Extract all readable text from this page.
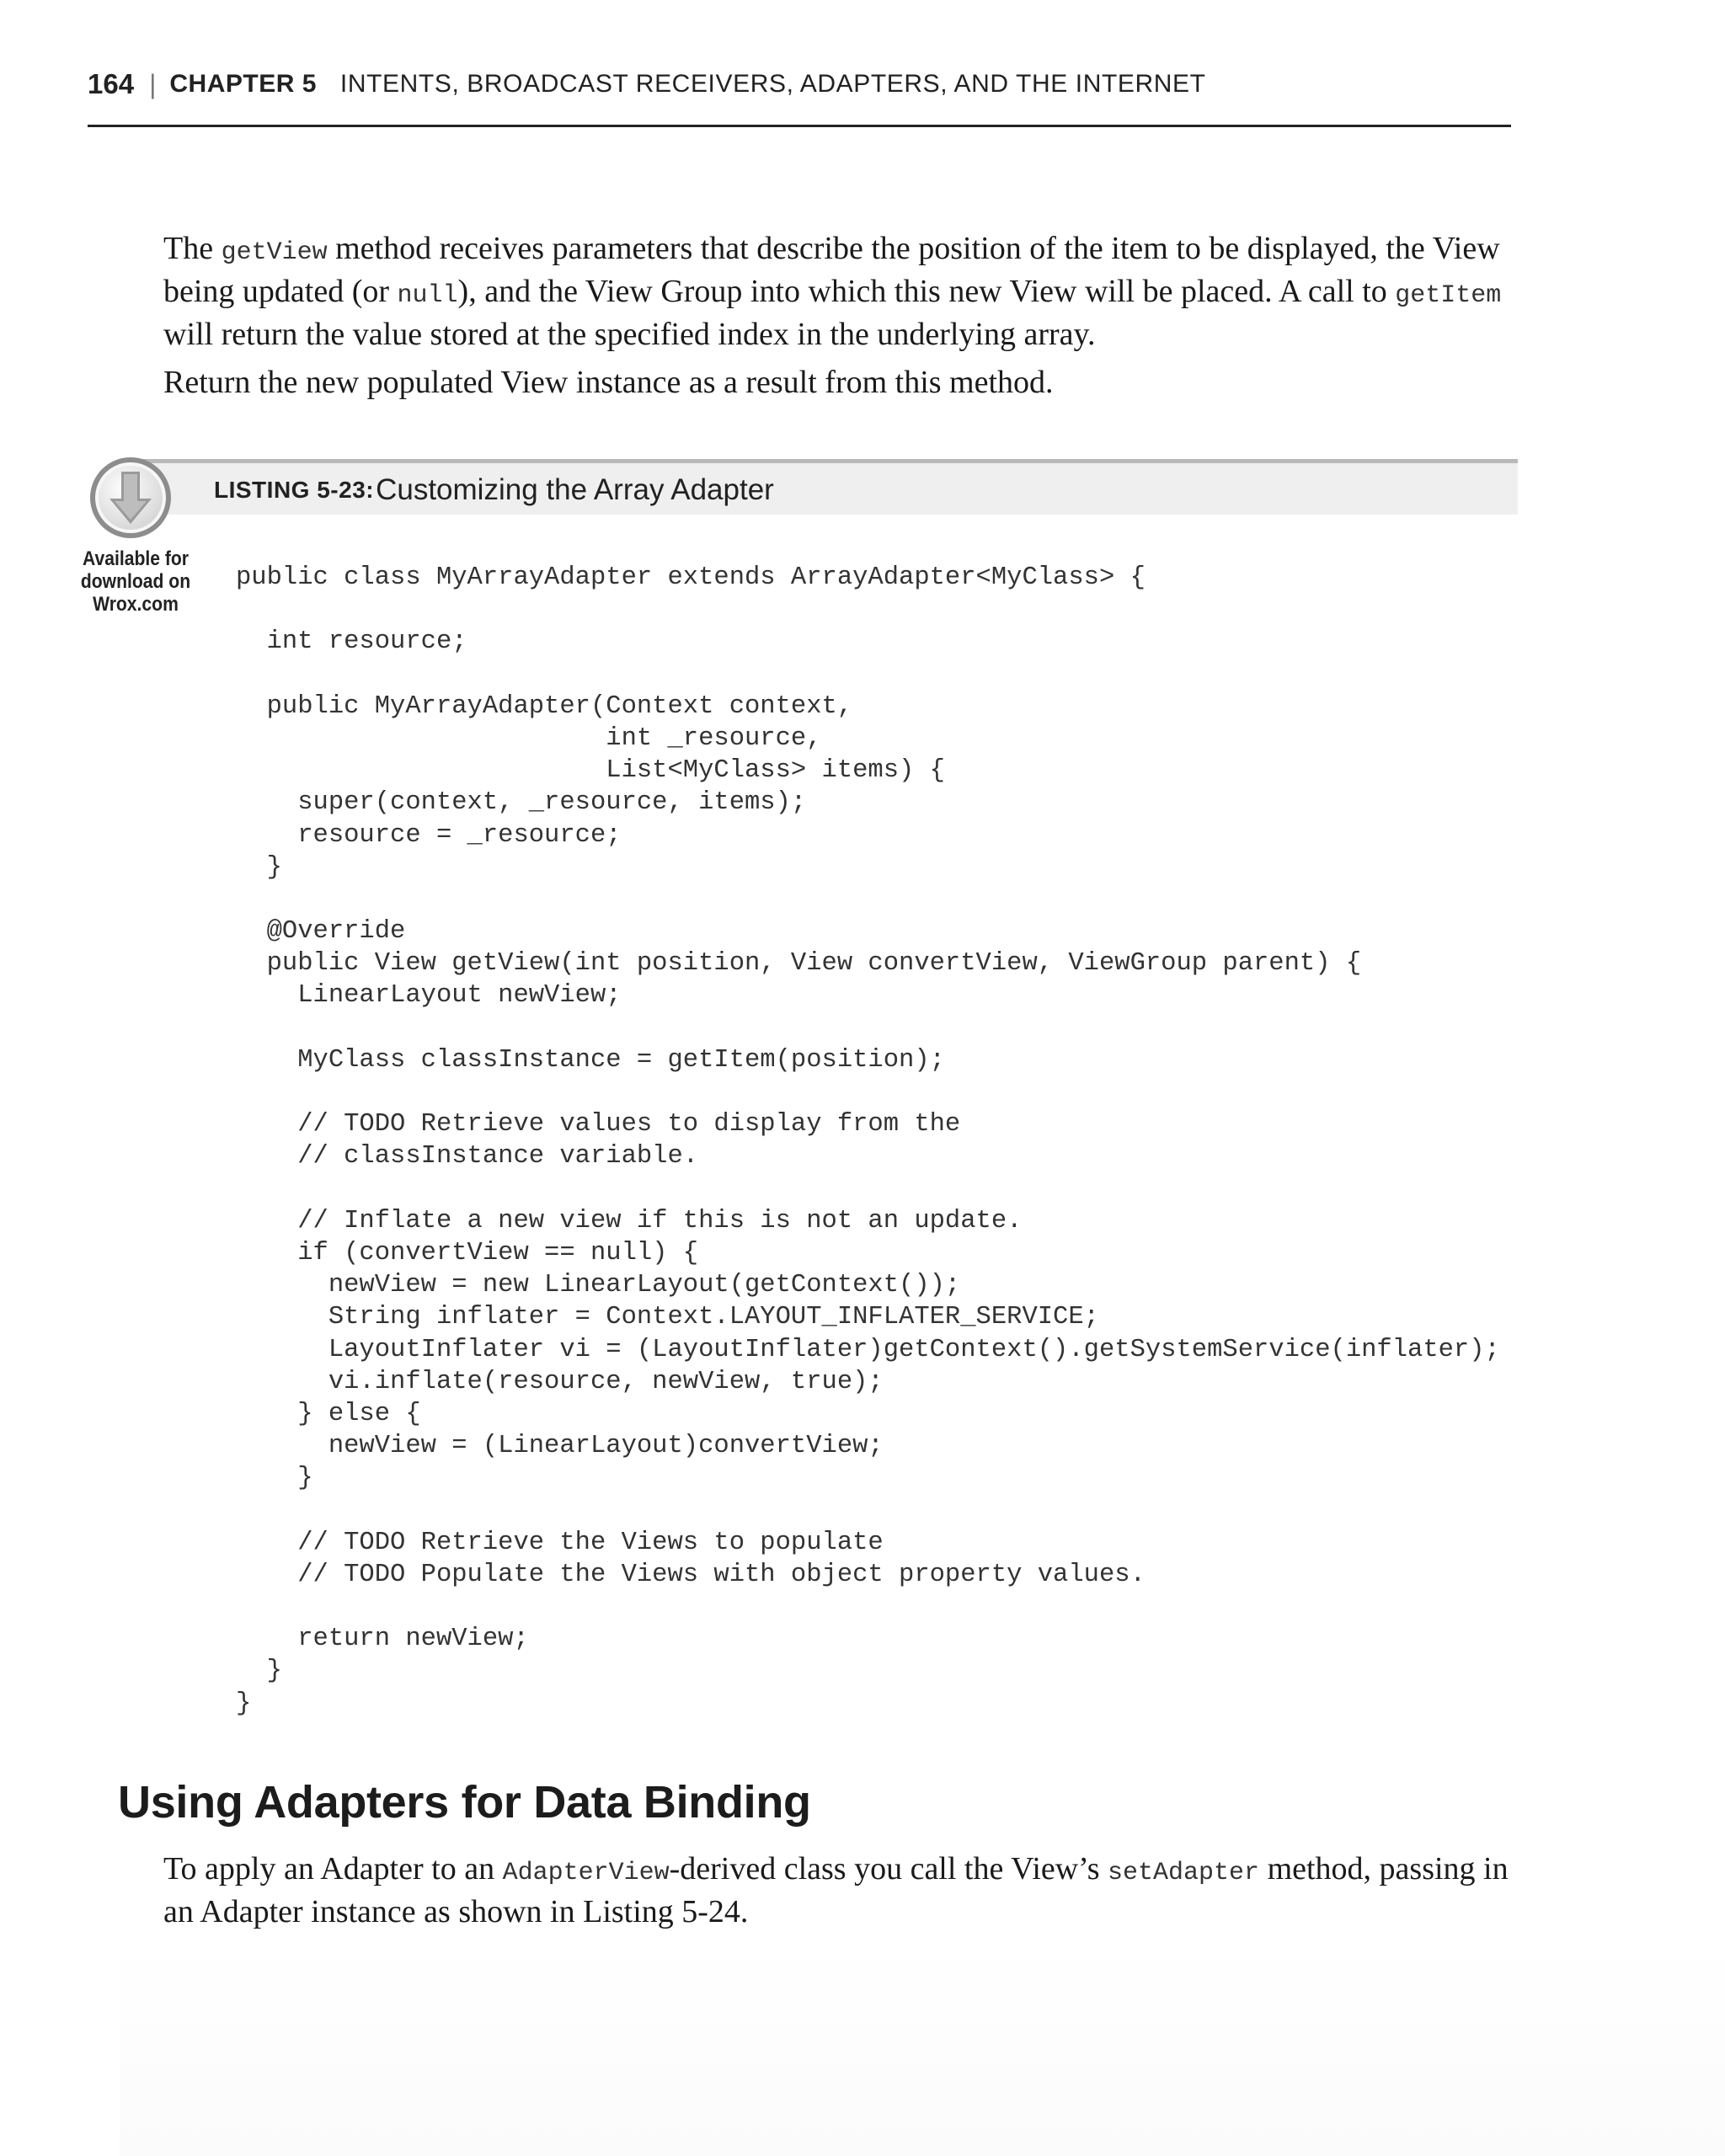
164 | CHAPTER 5 INTENTS, BROADCAST RECEIVERS, ADAPTERS, AND THE INTERNET

The getView method receives parameters that describe the position of the item to be displayed, the View being updated (or null), and the View Group into which this new View will be placed. A call to getItem will return the value stored at the specified index in the underlying array.

Return the new populated View instance as a result from this method.

LISTING 5-23: Customizing the Array Adapter
Available for
download on
Wrox.com
public class MyArrayAdapter extends ArrayAdapter<MyClass> {
int resource;
public MyArrayAdapter(Context context,
int _resource,
List<MyClass> items) {
super(context, _resource, items);
resource = _resource;
}
@Override
public View getView(int position, View convertView, ViewGroup parent) {
LinearLayout newView;
MyClass classInstance = getItem(position);
// TODO Retrieve values to display from the
// classInstance variable.
// Inflate a new view if this is not an update.
if (convertView == null) {
newView = new LinearLayout(getContext());
String inflater = Context.LAYOUT_INFLATER_SERVICE;
LayoutInflater vi = (LayoutInflater)getContext().getSystemService(inflater);
vi.inflate(resource, newView, true);
} else {
newView = (LinearLayout)convertView;
}
// TODO Retrieve the Views to populate
// TODO Populate the Views with object property values.
return newView;
}
}
Using Adapters for Data Binding

To apply an Adapter to an AdapterView-derived class you call the View’s setAdapter method, passing in an Adapter instance as shown in Listing 5-24.
